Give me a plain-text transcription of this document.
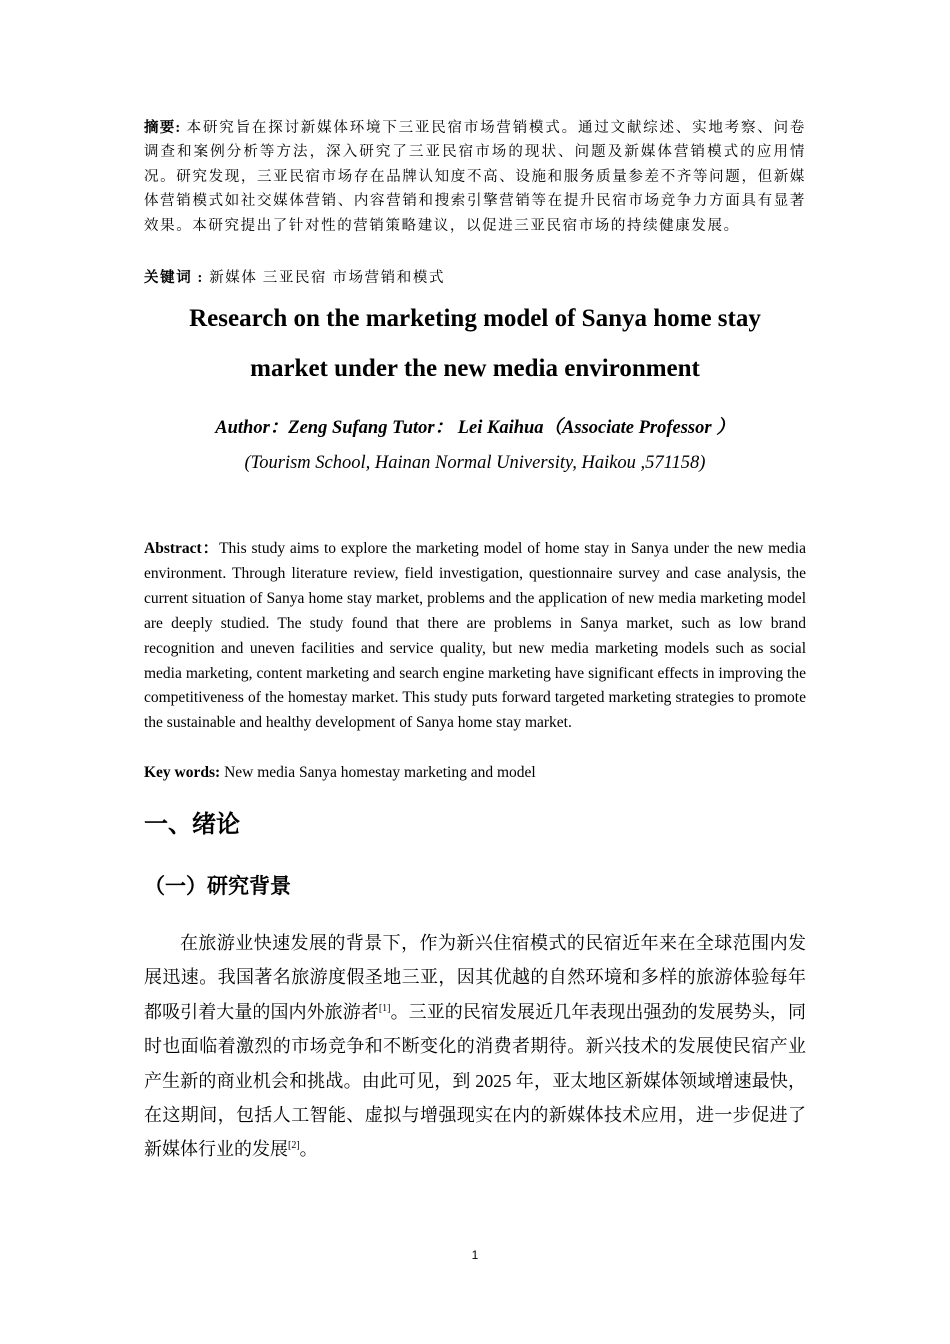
摘要: 本研究旨在探讨新媒体环境下三亚民宿市场营销模式。通过文献综述、实地考察、问卷调查和案例分析等方法，深入研究了三亚民宿市场的现状、问题及新媒体营销模式的应用情况。研究发现，三亚民宿市场存在品牌认知度不高、设施和服务质量参差不齐等问题，但新媒体营销模式如社交媒体营销、内容营销和搜索引擎营销等在提升民宿市场竞争力方面具有显著效果。本研究提出了针对性的营销策略建议，以促进三亚民宿市场的持续健康发展。
关键词 : 新媒体 三亚民宿 市场营销和模式
Research on the marketing model of Sanya home stay
market under the new media environment
Author：Zeng Sufang Tutor： Lei Kaihua（Associate Professor ）
(Tourism School, Hainan Normal University, Haikou ,571158)
Abstract：This study aims to explore the marketing model of home stay in Sanya under the new media environment. Through literature review, field investigation, questionnaire survey and case analysis, the current situation of Sanya home stay market, problems and the application of new media marketing model are deeply studied. The study found that there are problems in Sanya market, such as low brand recognition and uneven facilities and service quality, but new media marketing models such as social media marketing, content marketing and search engine marketing have significant effects in improving the competitiveness of the homestay market. This study puts forward targeted marketing strategies to promote the sustainable and healthy development of Sanya home stay market.
Key words: New media Sanya homestay marketing and model
一、绪论
（一）研究背景
在旅游业快速发展的背景下，作为新兴住宿模式的民宿近年来在全球范围内发展迅速。我国著名旅游度假圣地三亚，因其优越的自然环境和多样的旅游体验每年都吸引着大量的国内外旅游者[1]。三亚的民宿发展近几年表现出强劲的发展势头，同时也面临着激烈的市场竞争和不断变化的消费者期待。新兴技术的发展使民宿产业产生新的商业机会和挑战。由此可见，到 2025 年，亚太地区新媒体领域增速最快，在这期间，包括人工智能、虚拟与增强现实在内的新媒体技术应用，进一步促进了新媒体行业的发展[2]。
1
